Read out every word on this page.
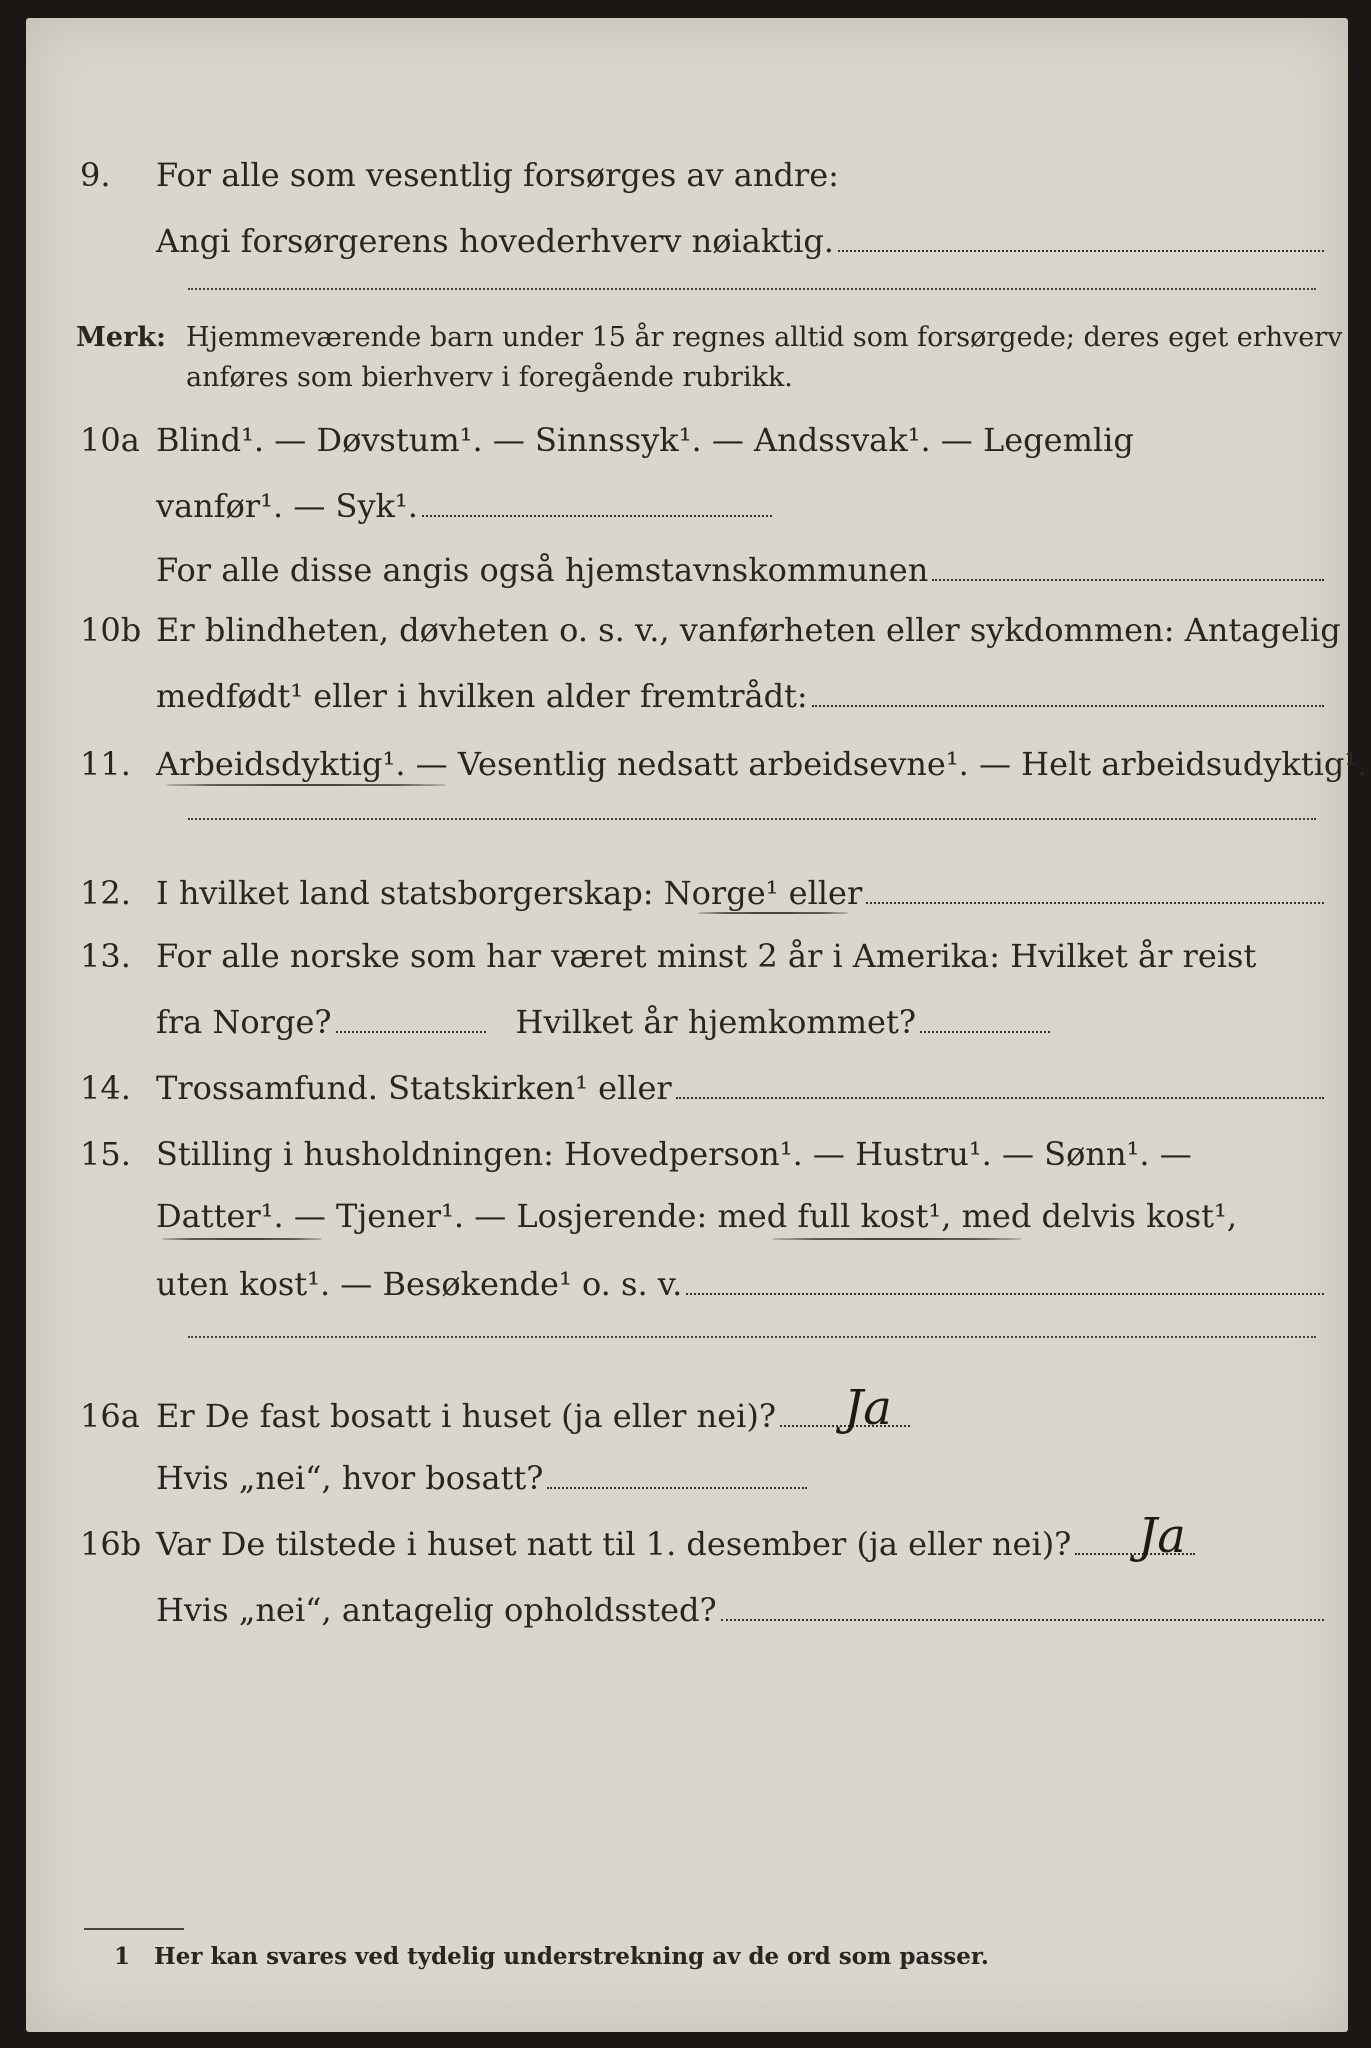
9. For alle som vesentlig forsørges av andre:
Angi forsørgerens hovederhverv nøiaktig.
Merk: Hjemmeværende barn under 15 år regnes alltid som forsørgede; deres eget erhverv
anføres som bierhverv i foregående rubrikk.
10a Blind¹. — Døvstum¹. — Sinnssyk¹. — Andssvak¹. — Legemlig
vanfør¹. — Syk¹.
For alle disse angis også hjemstavnskommunen
10b Er blindheten, døvheten o. s. v., vanførheten eller sykdommen: Antagelig
medfødt¹ eller i hvilken alder fremtrådt:
11. Arbeidsdyktig¹. — Vesentlig nedsatt arbeidsevne¹. — Helt arbeidsudyktig¹.
12. I hvilket land statsborgerskap: Norge¹ eller
13. For alle norske som har været minst 2 år i Amerika: Hvilket år reist
fra Norge?	Hvilket år hjemkommet?
14. Trossamfund. Statskirken¹ eller
15. Stilling i husholdningen: Hovedperson¹. — Hustru¹. — Sønn¹. —
Datter¹. — Tjener¹. — Losjerende: med full kost¹, med delvis kost¹,
uten kost¹. — Besøkende¹ o. s. v.
16a Er De fast bosatt i huset (ja eller nei)? Ja
Hvis „nei“, hvor bosatt?
16b Var De tilstede i huset natt til 1. desember (ja eller nei)? Ja
Hvis „nei“, antagelig opholdssted?
1 Her kan svares ved tydelig understrekning av de ord som passer.
